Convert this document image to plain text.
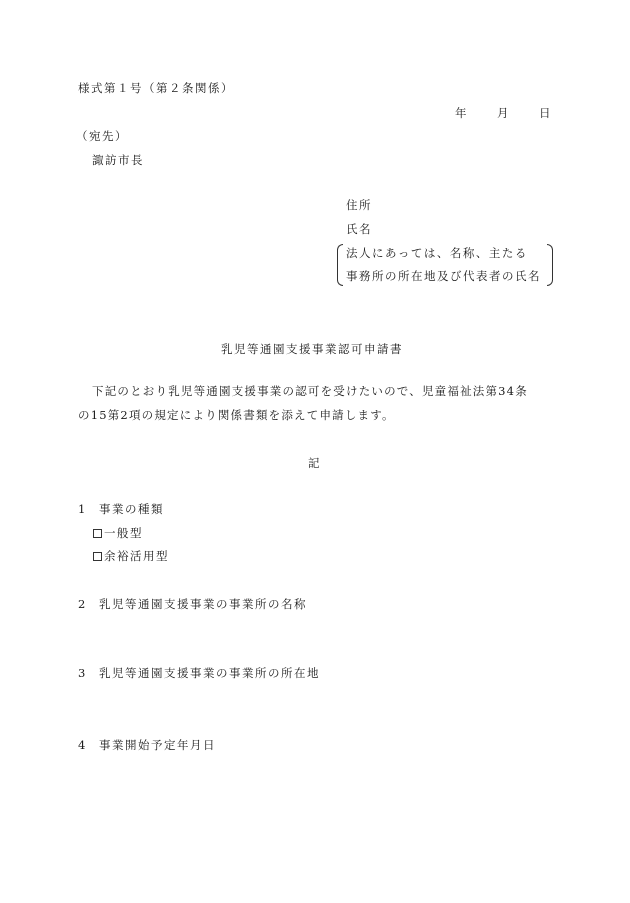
様式第１号（第２条関係）
年	月	日
（宛先）
諏訪市長
住所
氏名
法人にあっては、名称、主たる
事務所の所在地及び代表者の氏名
乳児等通園支援事業認可申請書
下記のとおり乳児等通園支援事業の認可を受けたいので、児童福祉法第34条
の15第2項の規定により関係書類を添えて申請します。
記
1 事業の種類
一般型
余裕活用型
2 乳児等通園支援事業の事業所の名称
3 乳児等通園支援事業の事業所の所在地
4 事業開始予定年月日
